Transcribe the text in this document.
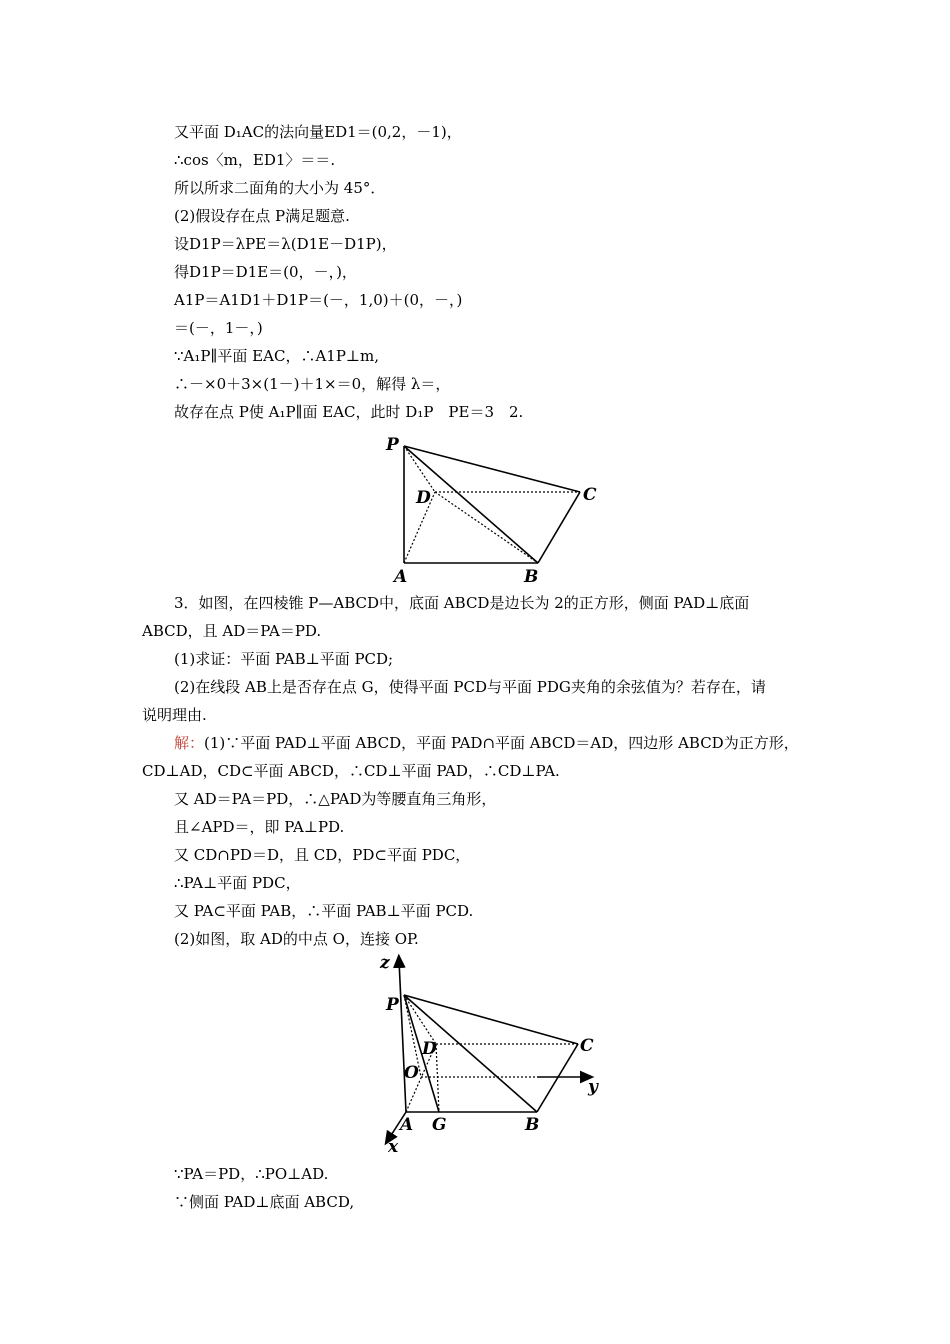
又平面 D₁AC的法向量ED1＝(0,2，－1)，
∴cos〈m，ED1〉＝＝.
所以所求二面角的大小为 45°．
(2)假设存在点 P满足题意.
设D1P＝λPE＝λ(D1E－D1P)，
得D1P＝D1E＝(0，－，)，
A1P＝A1D1＋D1P＝(－，1,0)＋(0，－，)
＝(－，1－，)
∵A₁P∥平面 EAC，∴A1P⊥m,
∴－×0＋3×(1－)＋1×＝0，解得 λ＝，
故存在点 P使 A₁P∥面 EAC，此时 D₁P　PE＝3　2.
P
D	C
A	B
3．如图，在四棱锥 P—ABCD中，底面 ABCD是边长为 2的正方形，侧面 PAD⊥底面
ABCD，且 AD＝PA＝PD.
(1)求证：平面 PAB⊥平面 PCD;
(2)在线段 AB上是否存在点 G，使得平面 PCD与平面 PDG夹角的余弦值为？若存在，请
说明理由.
解：(1)∵平面 PAD⊥平面 ABCD，平面 PAD∩平面 ABCD＝AD，四边形 ABCD为正方形，
CD⊥AD，CD⊂平面 ABCD，∴CD⊥平面 PAD，∴CD⊥PA.
又 AD＝PA＝PD，∴△PAD为等腰直角三角形，
且∠APD＝，即 PA⊥PD.
又 CD∩PD＝D，且 CD，PD⊂平面 PDC，
∴PA⊥平面 PDC，
又 PA⊂平面 PAB，∴平面 PAB⊥平面 PCD.
(2)如图，取 AD的中点 O，连接 OP.
z
P
D	C
O
y
A G	B
x
∵PA＝PD，∴PO⊥AD.
∵侧面 PAD⊥底面 ABCD,
